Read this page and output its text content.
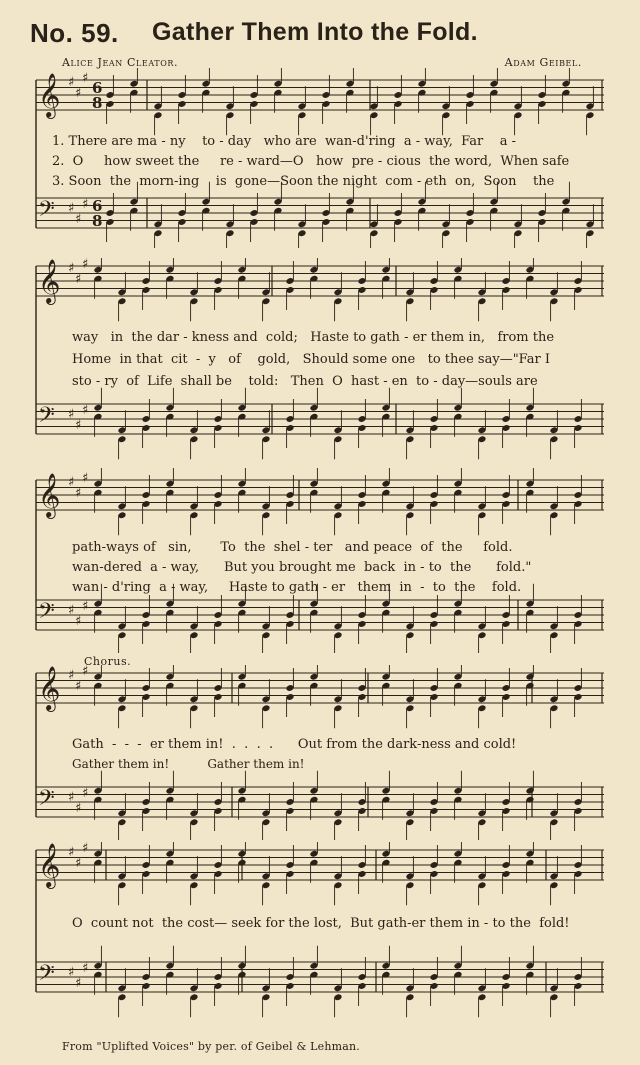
No. 59. Gather Them Into the Fold.
Alice Jean Cleator.	Adam Geibel.
𝄞 ♯
♯
♯
6
8
𝄢 ♯
♯
♯ 6
8
1. There are ma - ny    to - day   who are  wan-d'ring  a - way,  Far    a -
2.  O     how sweet the     re - ward—O   how  pre - cious  the word,  When safe
3. Soon  the  morn-ing    is  gone—Soon the night  com - eth  on,  Soon    the
𝄞 ♯
♯
♯
𝄢 ♯
♯
♯
way   in  the dar - kness and  cold;   Haste to gath - er them in,   from the
Home  in that  cit  -  y   of    gold,   Should some one   to thee say—"Far I
sto - ry  of  Life  shall be    told:   Then  O  hast - en  to - day—souls are
𝄞 ♯
♯
♯
𝄢 ♯
♯
♯
path-ways of   sin,       To  the  shel - ter   and peace  of  the     fold.
wan-dered  a - way,      But you brought me  back  in - to  the      fold."
wan - d'ring  a - way,     Haste to gath - er   them  in  -  to  the    fold.
Chorus.
𝄞 ♯
♯
♯
𝄢 ♯
♯
♯
Gath  -  -  -  er them in!  .  .  .  .      Out from the dark-ness and cold!
Gather them in!          Gather them in!
𝄞 ♯
♯
♯
𝄢 ♯
♯
♯
O  count not  the cost— seek for the lost,  But gath-er them in - to the  fold!
From "Uplifted Voices" by per. of Geibel & Lehman.
